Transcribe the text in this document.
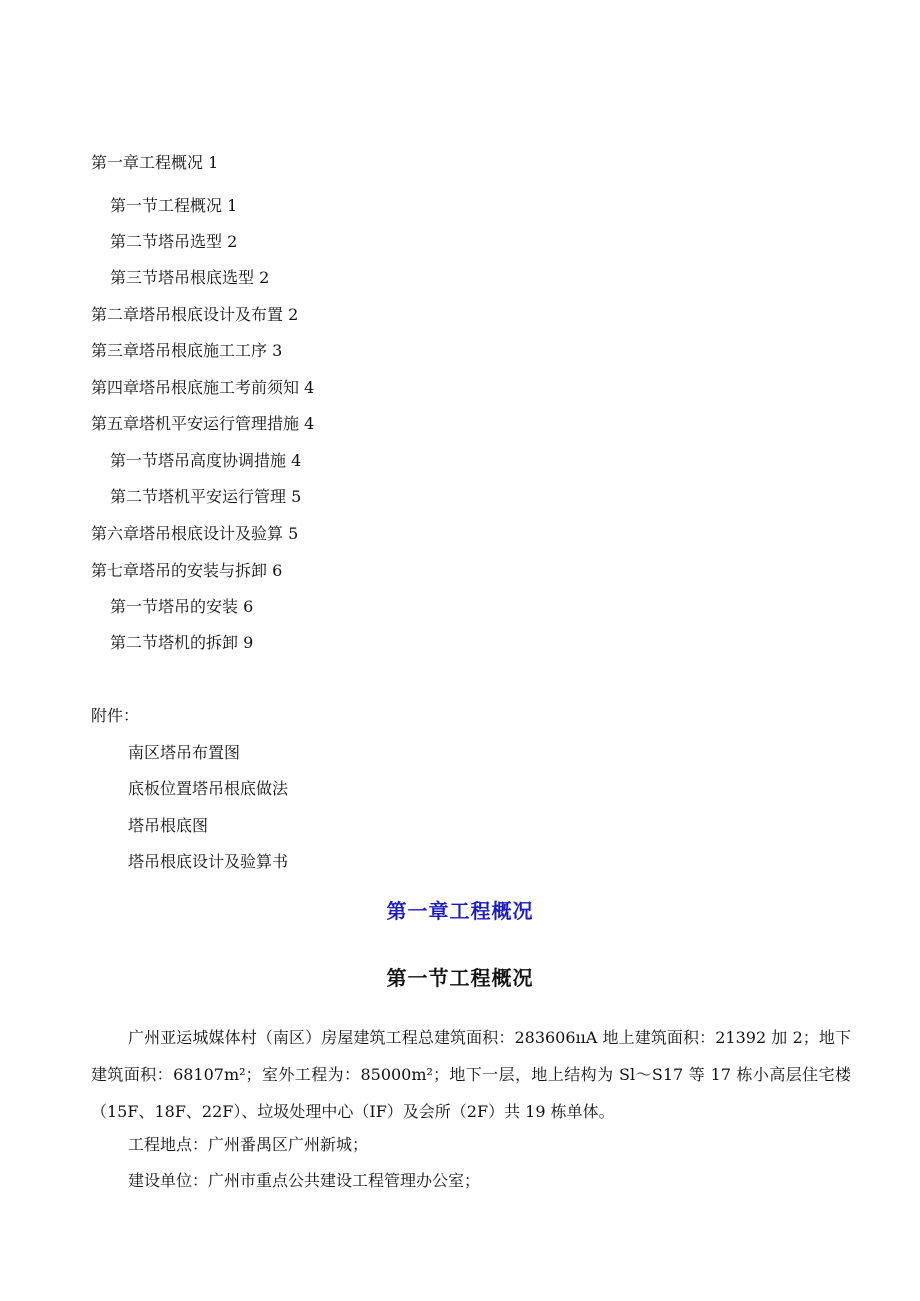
第一章工程概况 1
第一节工程概况 1
第二节塔吊选型 2
第三节塔吊根底选型 2
第二章塔吊根底设计及布置 2
第三章塔吊根底施工工序 3
第四章塔吊根底施工考前须知 4
第五章塔机平安运行管理措施 4
第一节塔吊高度协调措施 4
第二节塔机平安运行管理 5
第六章塔吊根底设计及验算 5
第七章塔吊的安装与拆卸 6
第一节塔吊的安装 6
第二节塔机的拆卸 9
附件：
南区塔吊布置图
底板位置塔吊根底做法
塔吊根底图
塔吊根底设计及验算书
第一章工程概况
第一节工程概况
广州亚运城媒体村（南区）房屋建筑工程总建筑面积：283606ııA 地上建筑面积：21392 加 2；地下建筑面积：68107m²；室外工程为：85000m²；地下一层，地上结构为 Sl～S17 等 17 栋小高层住宅楼（15F、18F、22F）、垃圾处理中心（IF）及会所（2F）共 19 栋单体。
工程地点：广州番禺区广州新城；
建设单位：广州市重点公共建设工程管理办公室；
